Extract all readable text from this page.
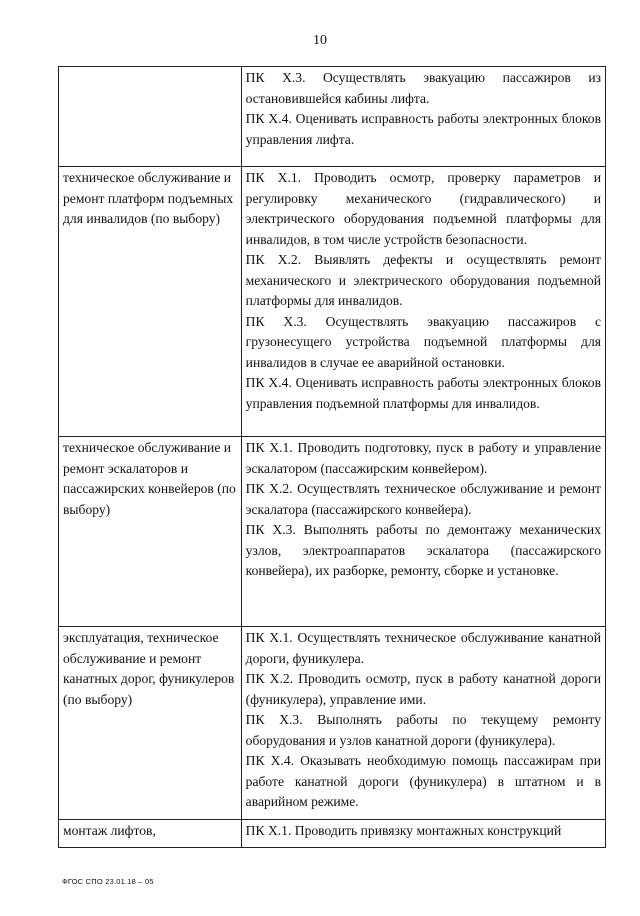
10

	ПК Х.3. Осуществлять эвакуацию пассажиров из остановившейся кабины лифта.
ПК Х.4. Оценивать исправность работы электронных блоков управления лифта.

техническое обслуживание и ремонт платформ подъемных для инвалидов (по выбору)	ПК Х.1. Проводить осмотр, проверку параметров и регулировку механического (гидравлического) и электрического оборудования подъемной платформы для инвалидов, в том числе устройств безопасности.
ПК Х.2. Выявлять дефекты и осуществлять ремонт механического и электрического оборудования подъемной платформы для инвалидов.
ПК Х.3. Осуществлять эвакуацию пассажиров с грузонесущего устройства подъемной платформы для инвалидов в случае ее аварийной остановки.
ПК Х.4. Оценивать исправность работы электронных блоков управления подъемной платформы для инвалидов.

техническое обслуживание и ремонт эскалаторов и пассажирских конвейеров (по выбору)	ПК Х.1. Проводить подготовку, пуск в работу и управление эскалатором (пассажирским конвейером).
ПК Х.2. Осуществлять техническое обслуживание и ремонт эскалатора (пассажирского конвейера).
ПК Х.3. Выполнять работы по демонтажу механических узлов, электроаппаратов эскалатора (пассажирского конвейера), их разборке, ремонту, сборке и установке.

эксплуатация, техническое обслуживание и ремонт канатных дорог, фуникулеров (по выбору)	ПК Х.1. Осуществлять техническое обслуживание канатной дороги, фуникулера.
ПК Х.2. Проводить осмотр, пуск в работу канатной дороги (фуникулера), управление ими.
ПК Х.3. Выполнять работы по текущему ремонту оборудования и узлов канатной дороги (фуникулера).
ПК Х.4. Оказывать необходимую помощь пассажирам при работе канатной дороги (фуникулера) в штатном и в аварийном режиме.

монтаж лифтов,	ПК Х.1. Проводить привязку монтажных конструкций
ФГОС СПО 23.01.18 – 05
